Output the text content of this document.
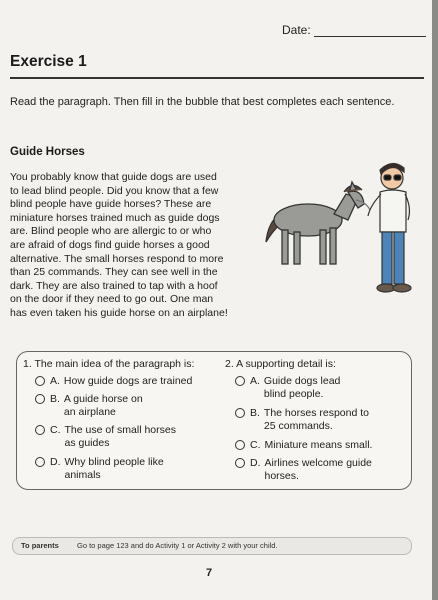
Date:
Exercise 1
Read the paragraph. Then fill in the bubble that best completes each sentence.
Guide Horses
You probably know that guide dogs are used
to lead blind people. Did you know that a few
blind people have guide horses? These are
miniature horses trained much as guide dogs
are. Blind people who are allergic to or who
are afraid of dogs find guide horses a good
alternative. The small horses respond to more
than 25 commands. They can see well in the
dark. They are also trained to tap with a hoof
on the door if they need to go out. One man
has even taken his guide horse on an airplane!
1. The main idea of the paragraph is:
A. How guide dogs are trained
B. A guide horse on
an airplane
C. The use of small horses
as guides
D. Why blind people like
animals
2. A supporting detail is:
A. Guide dogs lead
blind people.
B. The horses respond to
25 commands.
C. Miniature means small.
D. Airlines welcome guide
horses.
To parents Go to page 123 and do Activity 1 or Activity 2 with your child.
7
